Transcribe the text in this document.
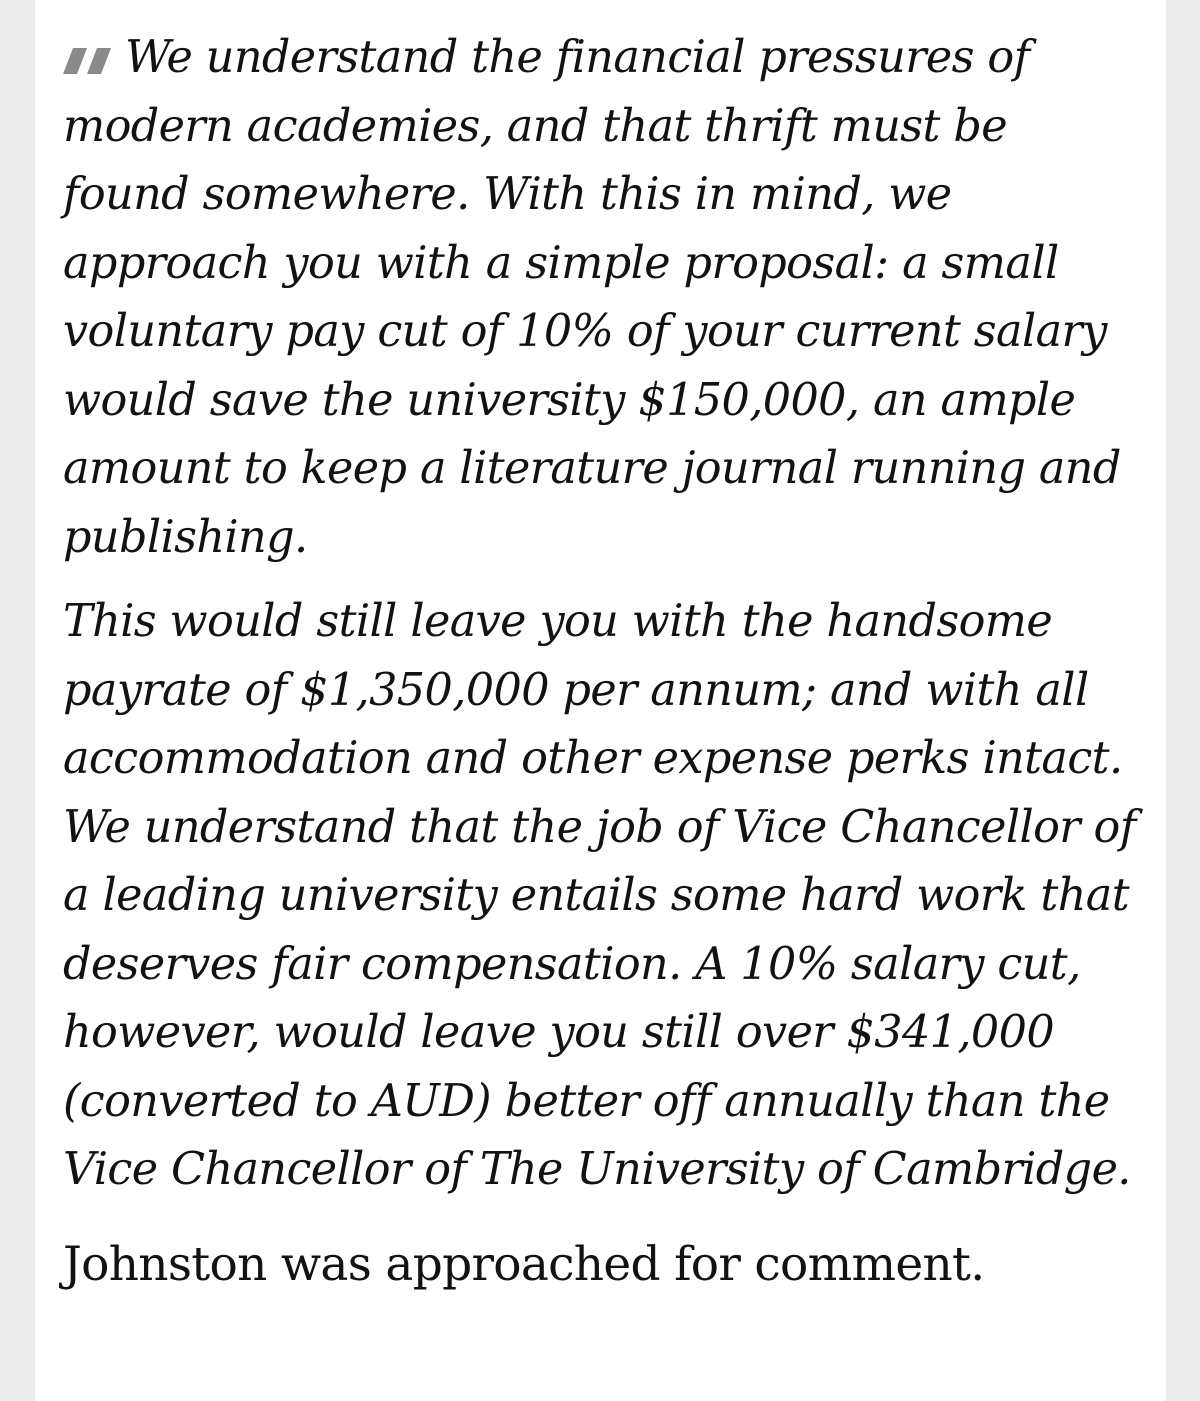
We understand the financial pressures of modern academies, and that thrift must be found somewhere. With this in mind, we approach you with a simple proposal: a small voluntary pay cut of 10% of your current salary would save the university $150,000, an ample amount to keep a literature journal running and publishing.

This would still leave you with the handsome payrate of $1,350,000 per annum; and with all accommodation and other expense perks intact. We understand that the job of Vice Chancellor of a leading university entails some hard work that deserves fair compensation. A 10% salary cut, however, would leave you still over $341,000 (converted to AUD) better off annually than the Vice Chancellor of The University of Cambridge.

Johnston was approached for comment.
